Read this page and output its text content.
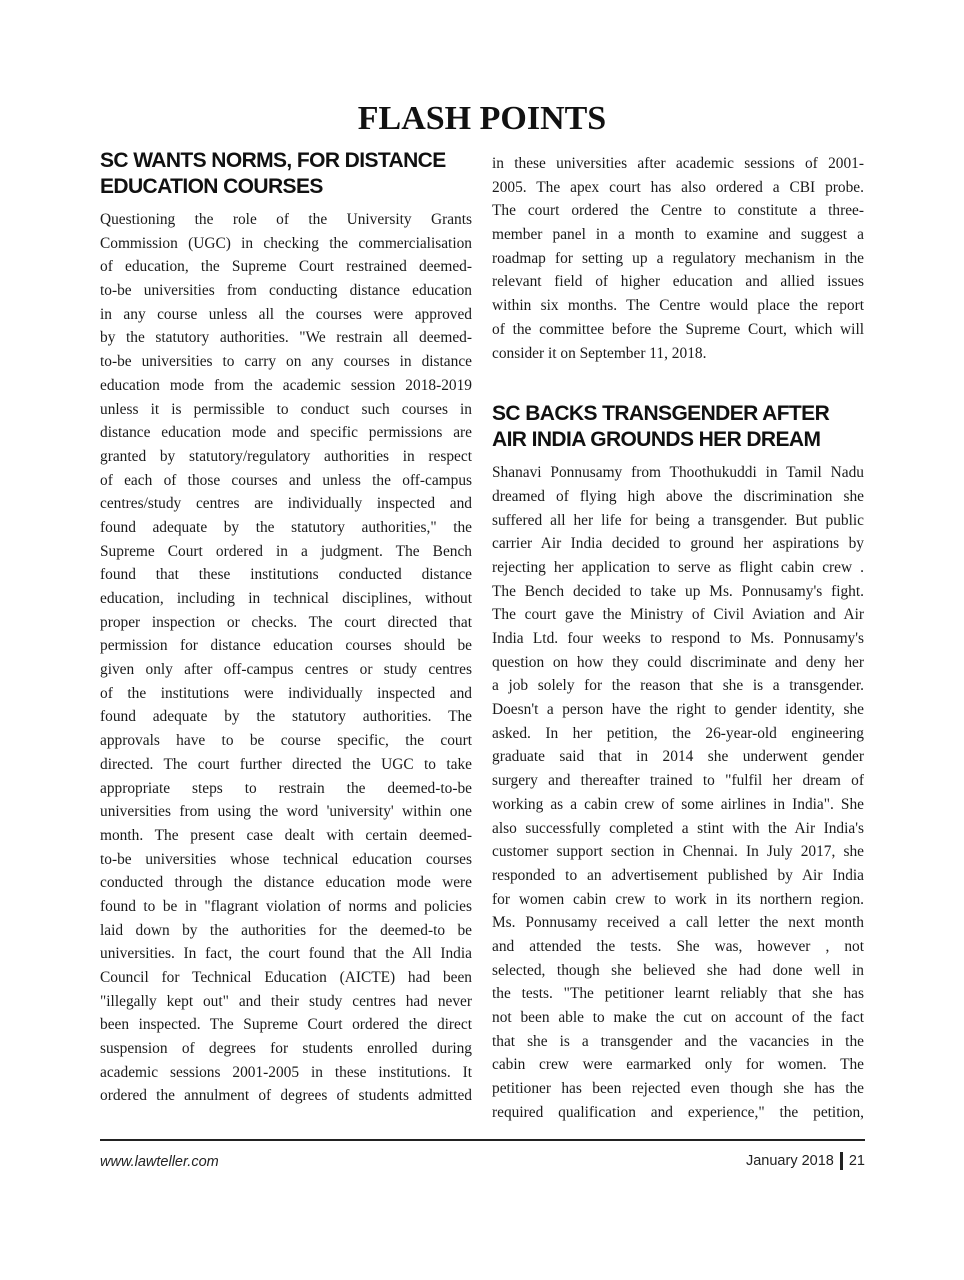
FLASH POINTS
SC WANTS NORMS, FOR DISTANCE
EDUCATION COURSES
Questioning the role of the University Grants
Commission (UGC) in checking the commercialisation
of education, the Supreme Court restrained deemed-
to-be universities from conducting distance education
in any course unless all the courses were approved
by the statutory authorities. "We restrain all deemed-
to-be universities to carry on any courses in distance
education mode from the academic session 2018-2019
unless it is permissible to conduct such courses in
distance education mode and specific permissions are
granted by statutory/regulatory authorities in respect
of each of those courses and unless the off-campus
centres/study centres are individually inspected and
found adequate by the statutory authorities," the
Supreme Court ordered in a judgment. The Bench
found that these institutions conducted distance
education, including in technical disciplines, without
proper inspection or checks. The court directed that
permission for distance education courses should be
given only after off-campus centres or study centres
of the institutions were individually inspected and
found adequate by the statutory authorities. The
approvals have to be course specific, the court
directed. The court further directed the UGC to take
appropriate steps to restrain the deemed-to-be
universities from using the word 'university' within one
month. The present case dealt with certain deemed-
to-be universities whose technical education courses
conducted through the distance education mode were
found to be in "flagrant violation of norms and policies
laid down by the authorities for the deemed-to be
universities. In fact, the court found that the All India
Council for Technical Education (AICTE) had been
"illegally kept out" and their study centres had never
been inspected. The Supreme Court ordered the direct
suspension of degrees for students enrolled during
academic sessions 2001-2005 in these institutions. It
ordered the annulment of degrees of students admitted
in these universities after academic sessions of 2001-
2005. The apex court has also ordered a CBI probe.
The court ordered the Centre to constitute a three-
member panel in a month to examine and suggest a
roadmap for setting up a regulatory mechanism in the
relevant field of higher education and allied issues
within six months. The Centre would place the report
of the committee before the Supreme Court, which will
consider it on September 11, 2018.
SC BACKS TRANSGENDER AFTER
AIR INDIA GROUNDS HER DREAM
Shanavi Ponnusamy from Thoothukuddi in Tamil Nadu
dreamed of flying high above the discrimination she
suffered all her life for being a transgender. But public
carrier Air India decided to ground her aspirations by
rejecting her application to serve as flight cabin crew .
The Bench decided to take up Ms. Ponnusamy's fight.
The court gave the Ministry of Civil Aviation and Air
India Ltd. four weeks to respond to Ms. Ponnusamy's
question on how they could discriminate and deny her
a job solely for the reason that she is a transgender.
Doesn't a person have the right to gender identity, she
asked. In her petition, the 26-year-old engineering
graduate said that in 2014 she underwent gender
surgery and thereafter trained to "fulfil her dream of
working as a cabin crew of some airlines in India". She
also successfully completed a stint with the Air India's
customer support section in Chennai. In July 2017, she
responded to an advertisement published by Air India
for women cabin crew to work in its northern region.
Ms. Ponnusamy received a call letter the next month
and attended the tests. She was, however , not
selected, though she believed she had done well in
the tests. "The petitioner learnt reliably that she has
not been able to make the cut on account of the fact
that she is a transgender and the vacancies in the
cabin crew were earmarked only for women. The
petitioner has been rejected even though she has the
required qualification and experience," the petition,
www.lawteller.com	January 2018 21
